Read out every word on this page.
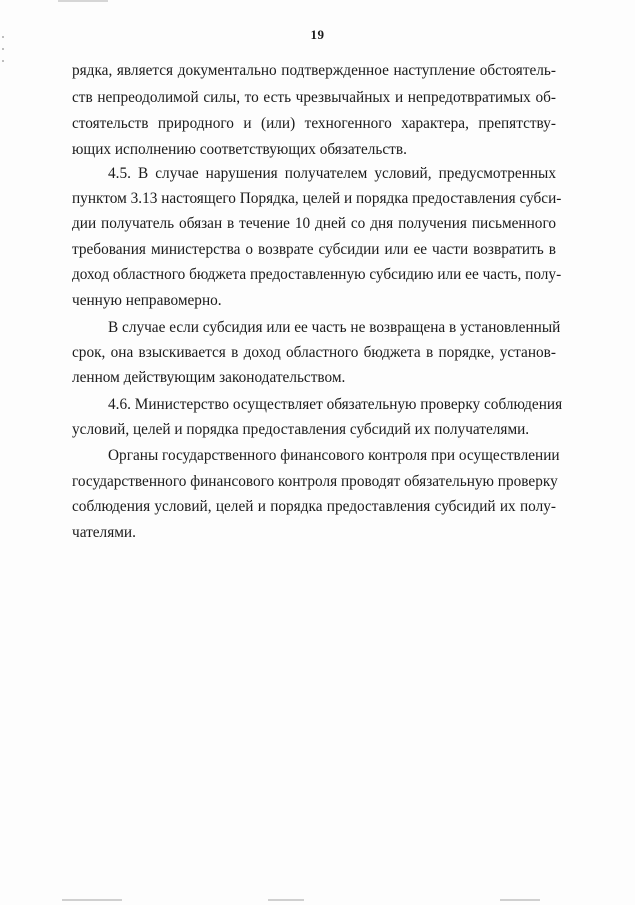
19
рядка, является документально подтвержденное наступление обстоятель-
ств непреодолимой силы, то есть чрезвычайных и непредотвратимых об-
стоятельств природного и (или) техногенного характера, препятству-
ющих исполнению соответствующих обязательств.
4.5. В случае нарушения получателем условий, предусмотренных
пунктом 3.13 настоящего Порядка, целей и порядка предоставления субси-
дии получатель обязан в течение 10 дней со дня получения письменного
требования министерства о возврате субсидии или ее части возвратить в
доход областного бюджета предоставленную субсидию или ее часть, полу-
ченную неправомерно.
В случае если субсидия или ее часть не возвращена в установленный
срок, она взыскивается в доход областного бюджета в порядке, установ-
ленном действующим законодательством.
4.6. Министерство осуществляет обязательную проверку соблюдения
условий, целей и порядка предоставления субсидий их получателями.
Органы государственного финансового контроля при осуществлении
государственного финансового контроля проводят обязательную проверку
соблюдения условий, целей и порядка предоставления субсидий их полу-
чателями.
